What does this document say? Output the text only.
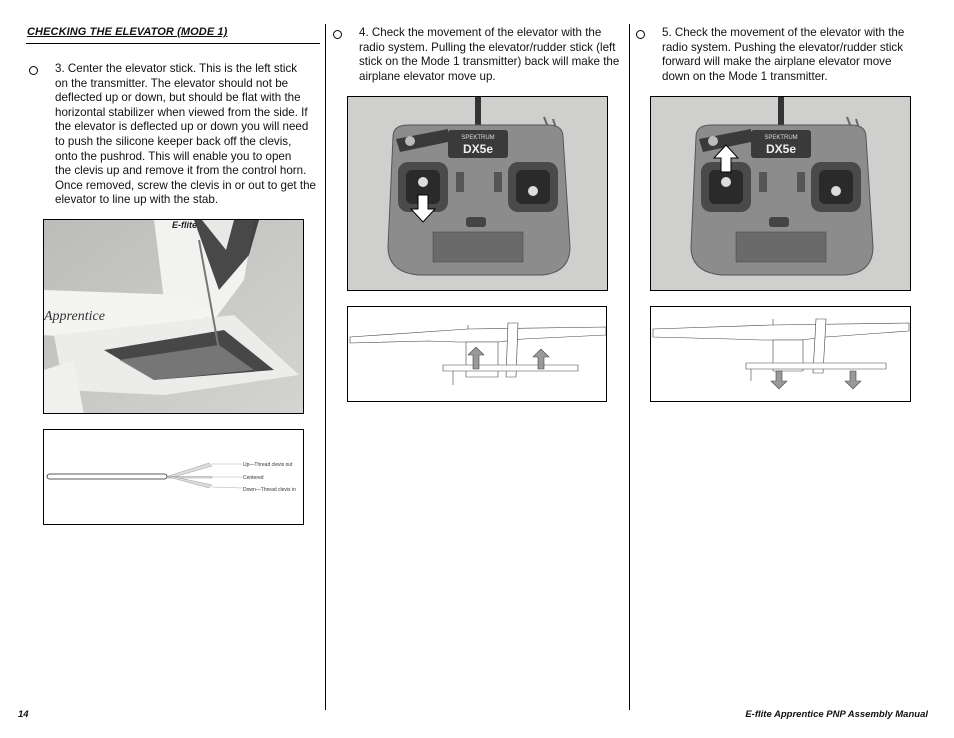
CHECKING THE ELEVATOR (MODE 1)
3. Center the elevator stick. This is the left stick
on the transmitter. The elevator should not be
deflected up or down, but should be flat with the
horizontal stabilizer when viewed from the side. If
the elevator is deflected up or down you will need
to push the silicone keeper back off the clevis,
onto the pushrod. This will enable you to open
the clevis up and remove it from the control horn.
Once removed, screw the clevis in or out to get the
elevator to line up with the stab.
E-flite
Apprentice
Up—Thread clevis out
Centered
Down—Thread clevis in
4. Check the movement of the elevator with the
radio system. Pulling the elevator/rudder stick (left
stick on the Mode 1 transmitter) back will make the
airplane elevator move up.
SPEKTRUM
DX5e
5. Check the movement of the elevator with the
radio system. Pushing the elevator/rudder stick
forward will make the airplane elevator move
down on the Mode 1 transmitter.
SPEKTRUM
DX5e
14	E-flite Apprentice PNP Assembly Manual
